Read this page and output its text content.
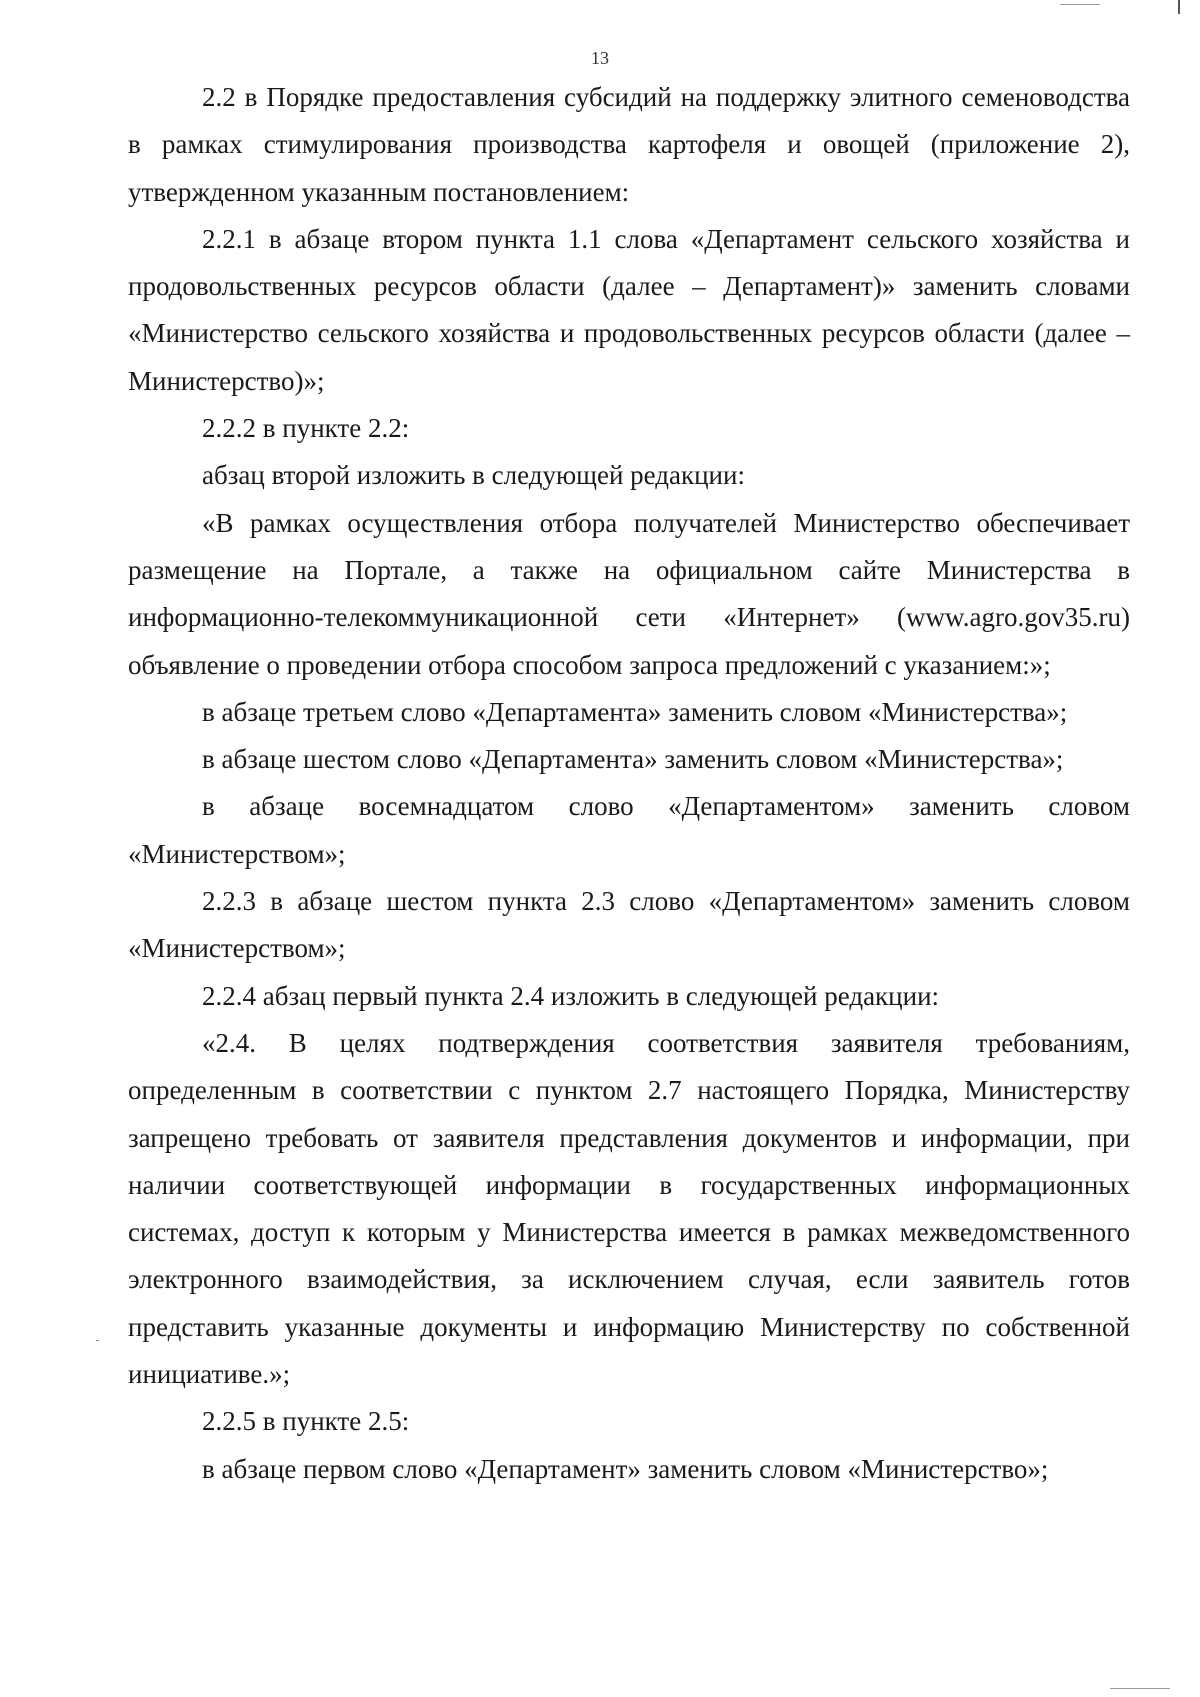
13

2.2 в Порядке предоставления субсидий на поддержку элитного семеноводства в рамках стимулирования производства картофеля и овощей (приложение 2), утвержденном указанным постановлением:

2.2.1 в абзаце втором пункта 1.1 слова «Департамент сельского хозяйства и продовольственных ресурсов области (далее – Департамент)» заменить словами «Министерство сельского хозяйства и продовольственных ресурсов области (далее – Министерство)»;

2.2.2 в пункте 2.2:

абзац второй изложить в следующей редакции:

«В рамках осуществления отбора получателей Министерство обеспечивает размещение на Портале, а также на официальном сайте Министерства в информационно-телекоммуникационной сети «Интернет» (www.agro.gov35.ru) объявление о проведении отбора способом запроса предложений с указанием:»;

в абзаце третьем слово «Департамента» заменить словом «Министерства»;

в абзаце шестом слово «Департамента» заменить словом «Министерства»;

в абзаце восемнадцатом слово «Департаментом» заменить словом «Министерством»;

2.2.3 в абзаце шестом пункта 2.3 слово «Департаментом» заменить словом «Министерством»;

2.2.4 абзац первый пункта 2.4 изложить в следующей редакции:

«2.4. В целях подтверждения соответствия заявителя требованиям, определенным в соответствии с пунктом 2.7 настоящего Порядка, Министерству запрещено требовать от заявителя представления документов и информации, при наличии соответствующей информации в государственных информационных системах, доступ к которым у Министерства имеется в рамках межведомственного электронного взаимодействия, за исключением случая, если заявитель готов представить указанные документы и информацию Министерству по собственной инициативе.»;

2.2.5 в пункте 2.5:

в абзаце первом слово «Департамент» заменить словом «Министерство»;
